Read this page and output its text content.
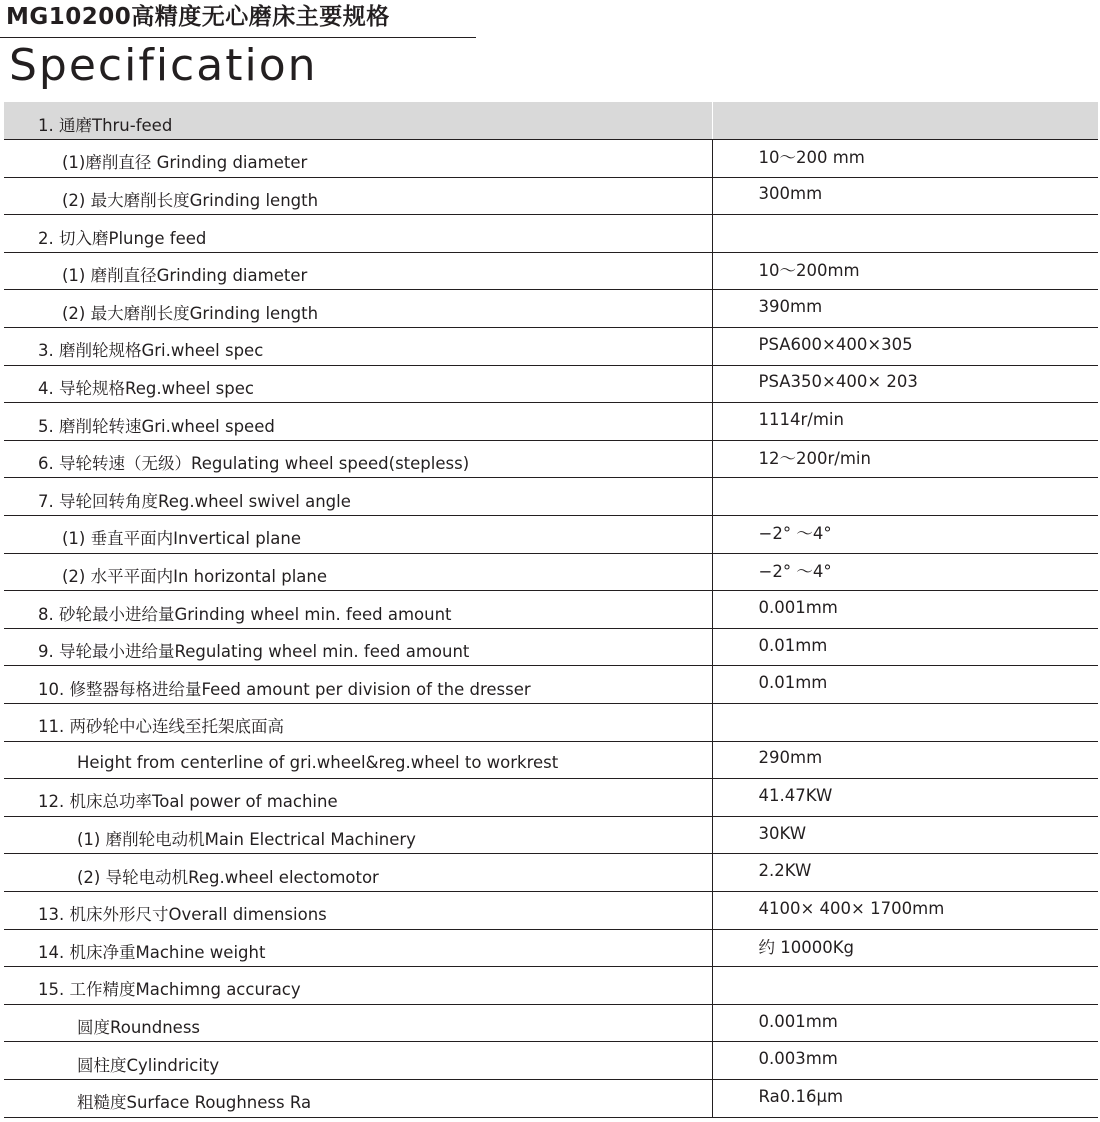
MG10200高精度无心磨床主要规格
Specification
1. 通磨Thru-feed	
(1)磨削直径 Grinding diameter	10～200 mm
(2) 最大磨削长度Grinding length	300mm
2. 切入磨Plunge feed	
(1) 磨削直径Grinding diameter	10～200mm
(2) 最大磨削长度Grinding length	390mm
3. 磨削轮规格Gri.wheel spec	PSA600×400×305
4. 导轮规格Reg.wheel spec	PSA350×400× 203
5. 磨削轮转速Gri.wheel speed	1114r/min
6. 导轮转速（无级）Regulating wheel speed(stepless)	12～200r/min
7. 导轮回转角度Reg.wheel swivel angle	
(1) 垂直平面内Invertical plane	−2° ～4°
(2) 水平平面内In horizontal plane	−2° ～4°
8. 砂轮最小进给量Grinding wheel min. feed amount	0.001mm
9. 导轮最小进给量Regulating wheel min. feed amount	0.01mm
10. 修整器每格进给量Feed amount per division of the dresser	0.01mm
11. 两砂轮中心连线至托架底面高	
Height from centerline of gri.wheel&reg.wheel to workrest	290mm
12. 机床总功率Toal power of machine	41.47KW
(1) 磨削轮电动机Main Electrical Machinery	30KW
(2) 导轮电动机Reg.wheel electomotor	2.2KW
13. 机床外形尺寸Overall dimensions	4100× 400× 1700mm
14. 机床净重Machine weight	约 10000Kg
15. 工作精度Machimng accuracy	
圆度Roundness	0.001mm
圆柱度Cylindricity	0.003mm
粗糙度Surface Roughness Ra	Ra0.16μm
